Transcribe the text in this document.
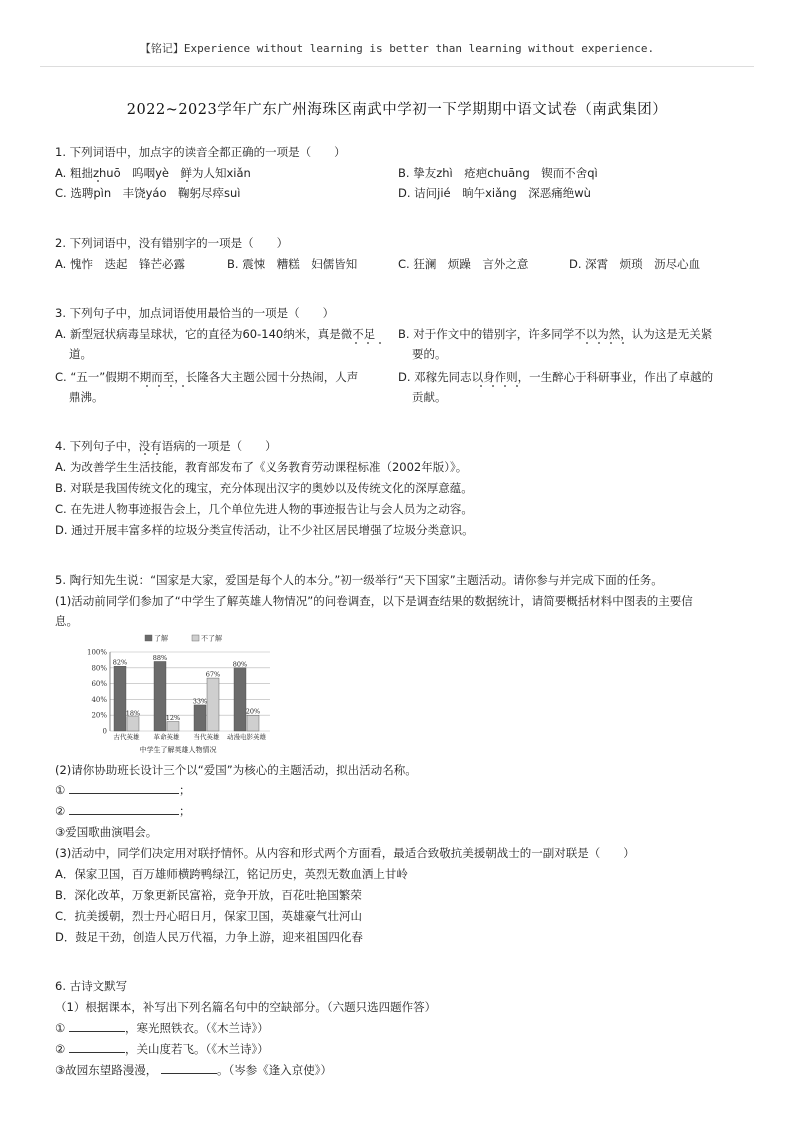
【铭记】Experience without learning is better than learning without experience.
2022~2023学年广东广州海珠区南武中学初一下学期期中语文试卷（南武集团）
1. 下列词语中，加点字的读音全都正确的一项是（　　）
A. 粗拙zhuō　呜咽yè　鲜为人知xiǎn	B. 挚友zhì　疮疤chuāng　锲而不舍qì
C. 选聘pìn　丰饶yáo　鞠躬尽瘁suì	D. 诘问jié　晌午xiǎng　深恶痛绝wù
2. 下列词语中，没有错别字的一项是（　　）
A. 愧怍　迭起　锋芒必露	B. 震悚　糟糕　妇儒皆知	C. 狂澜　烦躁　言外之意	D. 深霄　烦琐　沥尽心血
3. 下列句子中，加点词语使用最恰当的一项是（　　）
A. 新型冠状病毒呈球状，它的直径为60-140纳米，真是微不足
道。
B. 对于作文中的错别字，许多同学不以为然，认为这是无关紧
要的。
C. “五一”假期不期而至，长隆各大主题公园十分热闹，人声
鼎沸。
D. 邓稼先同志以身作则，一生醉心于科研事业，作出了卓越的
贡献。
4. 下列句子中，没有语病的一项是（　　）
A. 为改善学生生活技能，教育部发布了《义务教育劳动课程标准（2002年版）》。
B. 对联是我国传统文化的瑰宝，充分体现出汉字的奥妙以及传统文化的深厚意蕴。
C. 在先进人物事迹报告会上，几个单位先进人物的事迹报告让与会人员为之动容。
D. 通过开展丰富多样的垃圾分类宣传活动，让不少社区居民增强了垃圾分类意识。
5. 陶行知先生说：“国家是大家，爱国是每个人的本分。”初一级举行“天下国家”主题活动。请你参与并完成下面的任务。
(1)活动前同学们参加了“中学生了解英雄人物情况”的问卷调查，以下是调查结果的数据统计，请简要概括材料中图表的主要信
息。
0
20%
40%
60%
80%
100%
了解	不了解
82%
18%
古代英雄
88%
12%
革命英雄
33%
67%
当代英雄
80%
20%
动漫电影英雄
中学生了解英雄人物情况
(2)请你协助班长设计三个以“爱国”为核心的主题活动，拟出活动名称。
①	；
②	；
③爱国歌曲演唱会。
(3)活动中，同学们决定用对联抒情怀。从内容和形式两个方面看，最适合致敬抗美援朝战士的一副对联是（　　）
A．保家卫国，百万雄师横跨鸭绿江，铭记历史，英烈无数血洒上甘岭
B．深化改革，万象更新民富裕，竞争开放，百花吐艳国繁荣
C．抗美援朝，烈士丹心昭日月，保家卫国，英雄豪气壮河山
D．鼓足干劲，创造人民万代福，力争上游，迎来祖国四化春
6. 古诗文默写
（1）根据课本，补写出下列名篇名句中的空缺部分。（六题只选四题作答）
①	，寒光照铁衣。（《木兰诗》）
②	，关山度若飞。（《木兰诗》）
③故园东望路漫漫，	。（岑参《逢入京使》）
